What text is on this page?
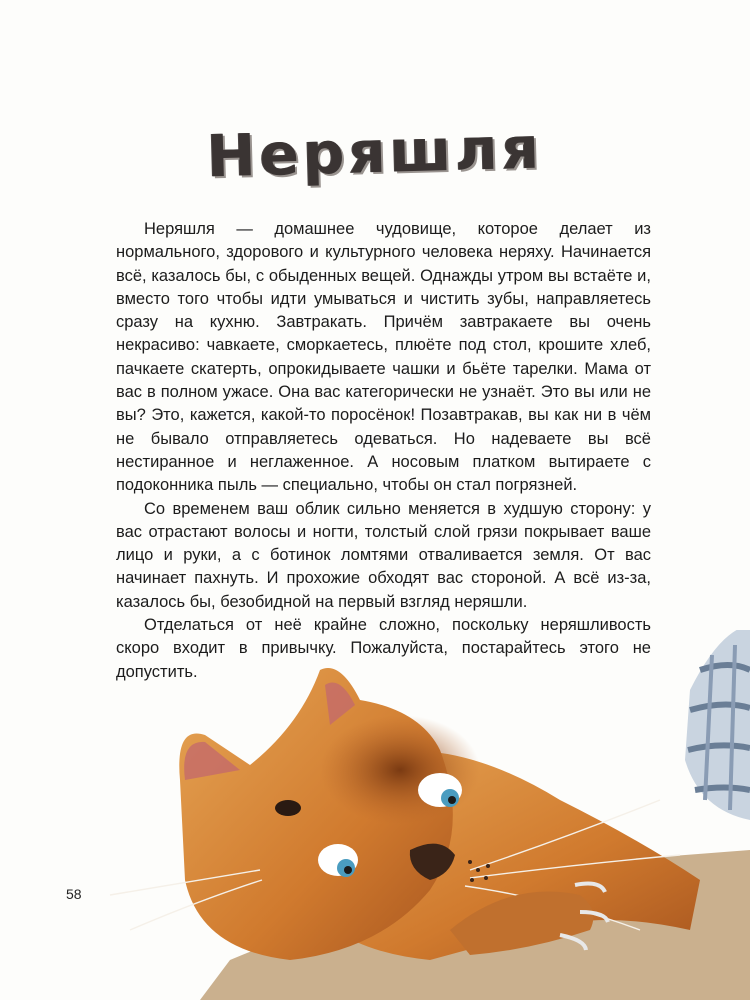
Неряшля

Неряшля — домашнее чудовище, которое делает из нормального, здорового и культурного человека неряху. Начинается всё, казалось бы, с обыденных вещей. Однажды утром вы встаёте и, вместо того чтобы идти умываться и чистить зубы, направляетесь сразу на кухню. Завтракать. Причём завтракаете вы очень некрасиво: чавкаете, сморкаетесь, плюёте под стол, крошите хлеб, пачкаете скатерть, опрокидываете чашки и бьёте тарелки. Мама от вас в полном ужасе. Она вас категорически не узнаёт. Это вы или не вы? Это, кажется, какой-то поросёнок! Позавтракав, вы как ни в чём не бывало отправляетесь одеваться. Но надеваете вы всё нестиранное и неглаженное. А носовым платком вытираете с подоконника пыль — специально, чтобы он стал погрязней.

Со временем ваш облик сильно меняется в худшую сторону: у вас отрастают волосы и ногти, толстый слой грязи покрывает ваше лицо и руки, а с ботинок ломтями отваливается земля. От вас начинает пахнуть. И прохожие обходят вас стороной. А всё из-за, казалось бы, безобидной на первый взгляд неряшли.

Отделаться от неё крайне сложно, поскольку неряшливость скоро входит в привычку. Пожалуйста, постарайтесь этого не допустить.

58
